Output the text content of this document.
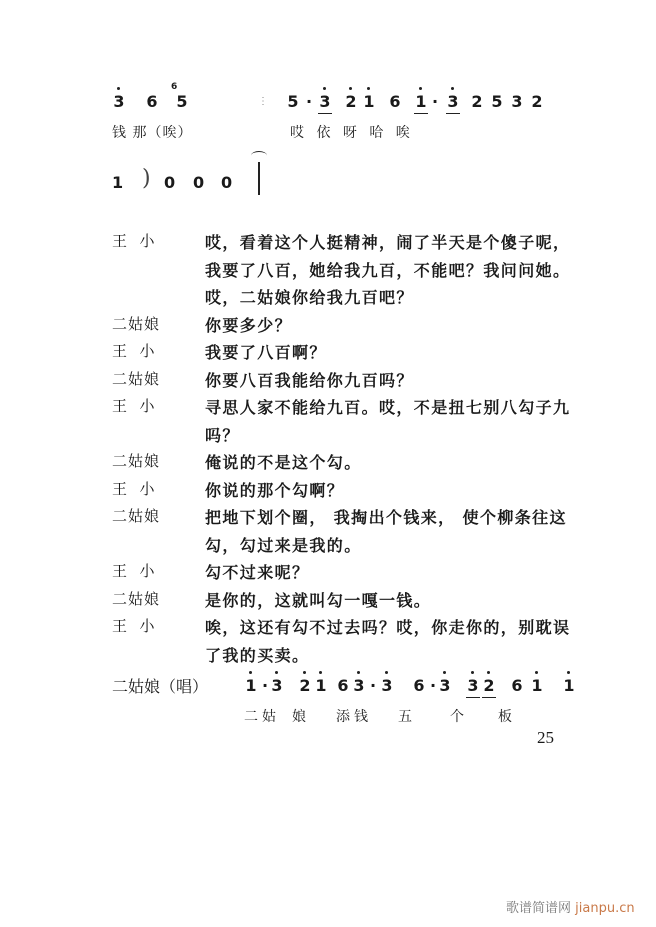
3 6 5
6
⋮ 5 · 3 2 1 6 1 · 3 2 5 3 2
钱 那（唉）	哎 依 呀 哈 唉
1 ) 0 0 0
王  小	哎，看着这个人挺精神，闹了半天是个傻子呢，
我要了八百，她给我九百，不能吧？我问问她。
哎，二姑娘你给我九百吧？
二姑娘	你要多少？
王  小	我要了八百啊？
二姑娘	你要八百我能给你九百吗？
王  小	寻思人家不能给九百。哎，不是扭七别八勾子九
吗？
二姑娘	俺说的不是这个勾。
王  小	你说的那个勾啊？
二姑娘	把地下划个圈， 我掏出个钱来， 使个柳条往这
勾，勾过来是我的。
王  小	勾不过来呢？
二姑娘	是你的，这就叫勾一嘎一钱。
王  小	唉，这还有勾不过去吗？哎，你走你的，别耽误
了我的买卖。
二姑娘（唱） 1 · 3 2 1 6 3 · 3 6 · 3 3 2 6 1 1
二姑 娘 添钱 五 个 板
25
歌谱简谱网 jianpu.cn
